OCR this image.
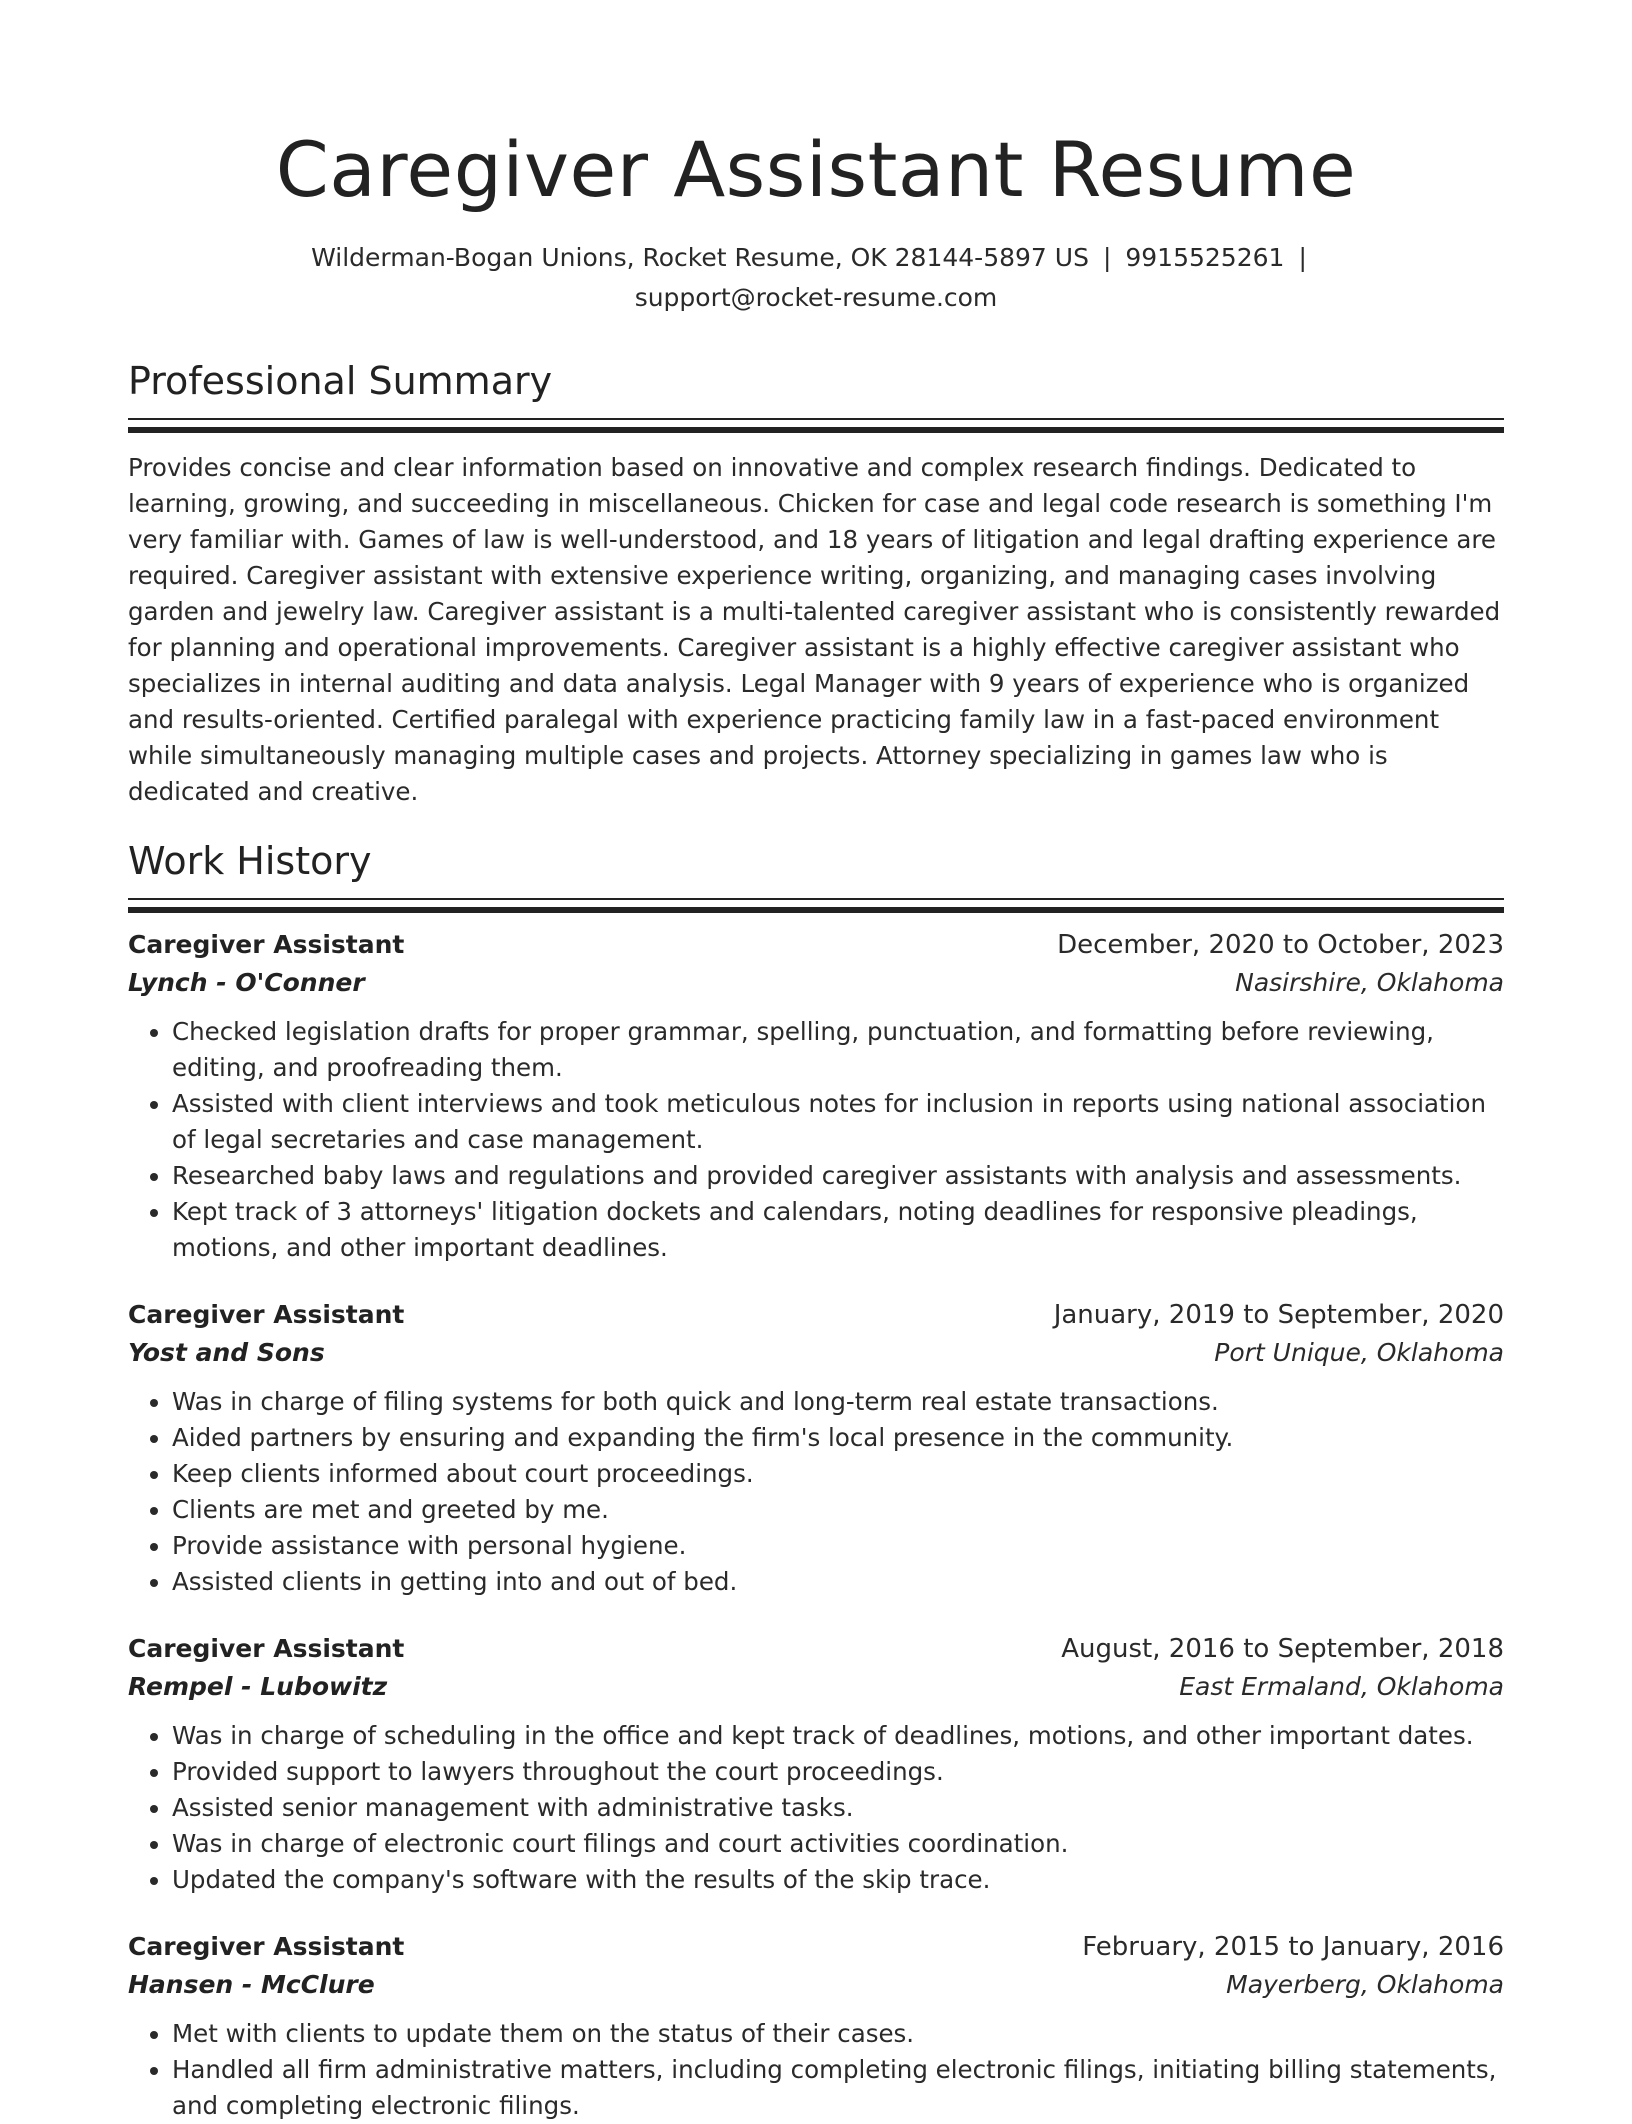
Caregiver Assistant Resume
Wilderman-Bogan Unions, Rocket Resume, OK 28144-5897 US | 9915525261 |
support@rocket-resume.com
Professional Summary

Provides concise and clear information based on innovative and complex research findings. Dedicated to learning, growing, and succeeding in miscellaneous. Chicken for case and legal code research is something I'm very familiar with. Games of law is well-understood, and 18 years of litigation and legal drafting experience are required. Caregiver assistant with extensive experience writing, organizing, and managing cases involving garden and jewelry law. Caregiver assistant is a multi-talented caregiver assistant who is consistently rewarded for planning and operational improvements. Caregiver assistant is a highly effective caregiver assistant who specializes in internal auditing and data analysis. Legal Manager with 9 years of experience who is organized and results-oriented. Certified paralegal with experience practicing family law in a fast-paced environment while simultaneously managing multiple cases and projects. Attorney specializing in games law who is dedicated and creative.

Work History
Caregiver Assistant	December, 2020 to October, 2023
Lynch - O'Conner	Nasirshire, Oklahoma
• Checked legislation drafts for proper grammar, spelling, punctuation, and formatting before reviewing, editing, and proofreading them.
• Assisted with client interviews and took meticulous notes for inclusion in reports using national association of legal secretaries and case management.
• Researched baby laws and regulations and provided caregiver assistants with analysis and assessments.
• Kept track of 3 attorneys' litigation dockets and calendars, noting deadlines for responsive pleadings, motions, and other important deadlines.
Caregiver Assistant	January, 2019 to September, 2020
Yost and Sons	Port Unique, Oklahoma
• Was in charge of filing systems for both quick and long-term real estate transactions.
• Aided partners by ensuring and expanding the firm's local presence in the community.
• Keep clients informed about court proceedings.
• Clients are met and greeted by me.
• Provide assistance with personal hygiene.
• Assisted clients in getting into and out of bed.
Caregiver Assistant	August, 2016 to September, 2018
Rempel - Lubowitz	East Ermaland, Oklahoma
• Was in charge of scheduling in the office and kept track of deadlines, motions, and other important dates.
• Provided support to lawyers throughout the court proceedings.
• Assisted senior management with administrative tasks.
• Was in charge of electronic court filings and court activities coordination.
• Updated the company's software with the results of the skip trace.
Caregiver Assistant	February, 2015 to January, 2016
Hansen - McClure	Mayerberg, Oklahoma
• Met with clients to update them on the status of their cases.
• Handled all firm administrative matters, including completing electronic filings, initiating billing statements, and completing electronic filings.
